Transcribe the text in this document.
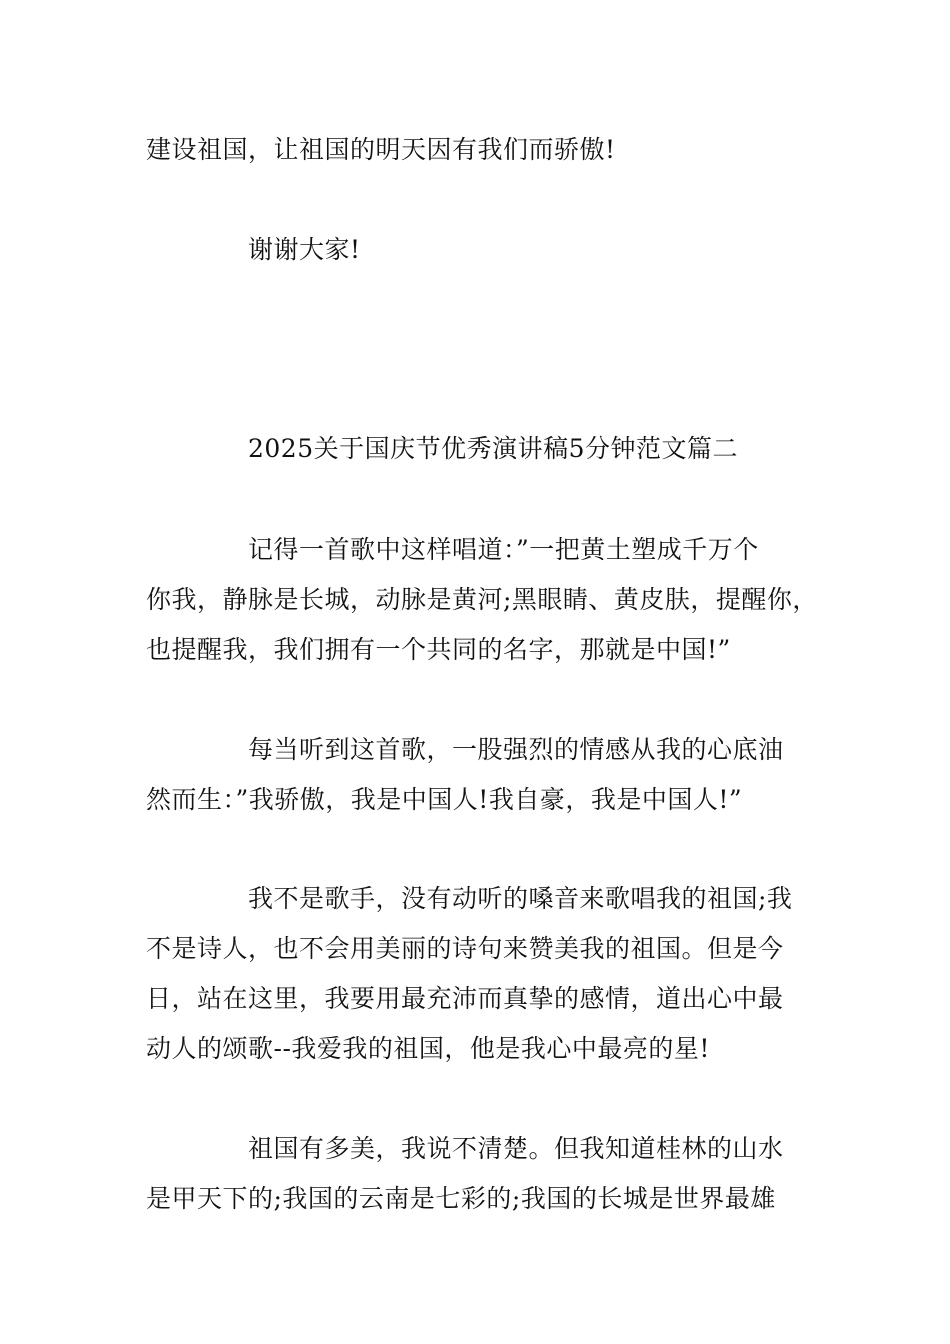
建设祖国，让祖国的明天因有我们而骄傲!
谢谢大家!
2025关于国庆节优秀演讲稿5分钟范文篇二
记得一首歌中这样唱道：”一把黄土塑成千万个
你我，静脉是长城，动脉是黄河;黑眼睛、黄皮肤，提醒你，
也提醒我，我们拥有一个共同的名字，那就是中国!”
每当听到这首歌，一股强烈的情感从我的心底油
然而生：”我骄傲，我是中国人!我自豪，我是中国人!”
我不是歌手，没有动听的嗓音来歌唱我的祖国;我
不是诗人，也不会用美丽的诗句来赞美我的祖国。但是今
日，站在这里，我要用最充沛而真挚的感情，道出心中最
动人的颂歌--我爱我的祖国，他是我心中最亮的星!
祖国有多美，我说不清楚。但我知道桂林的山水
是甲天下的;我国的云南是七彩的;我国的长城是世界最雄
